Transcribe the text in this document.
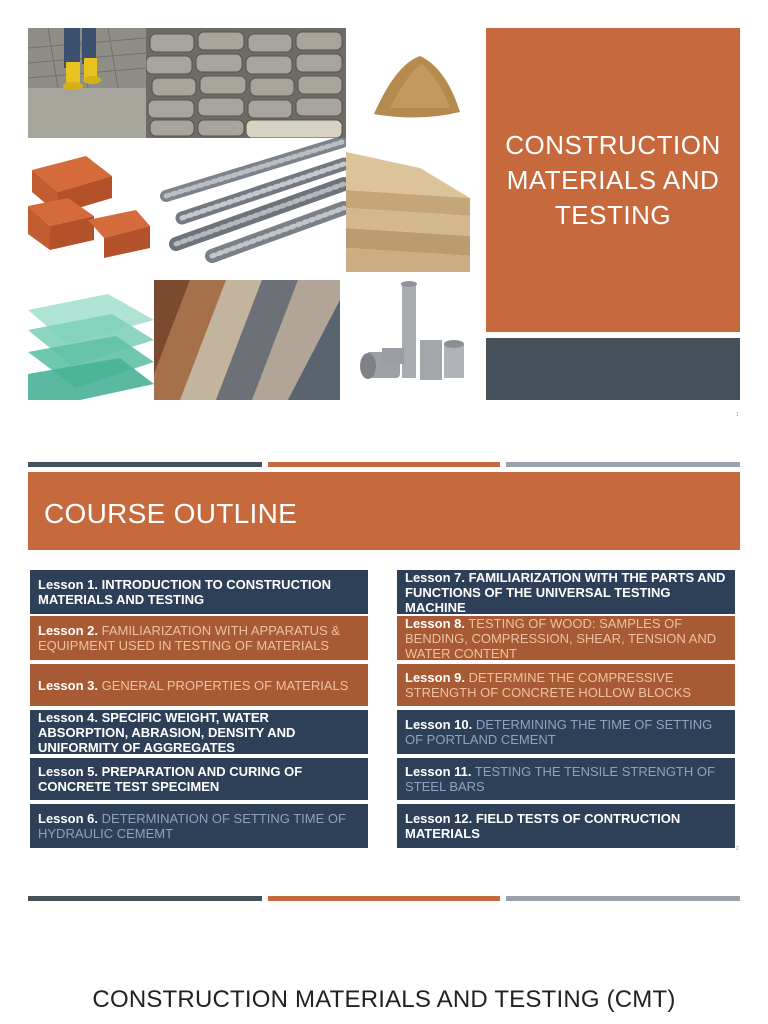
CONSTRUCTION MATERIALS AND TESTING
1
COURSE OUTLINE
Lesson 1. INTRODUCTION TO CONSTRUCTION MATERIALS AND TESTING
Lesson 2. FAMILIARIZATION WITH APPARATUS & EQUIPMENT USED IN TESTING OF MATERIALS
Lesson 3. GENERAL PROPERTIES OF MATERIALS
Lesson 4. SPECIFIC WEIGHT, WATER ABSORPTION, ABRASION, DENSITY AND UNIFORMITY OF AGGREGATES
Lesson 5. PREPARATION AND CURING OF CONCRETE TEST SPECIMEN
Lesson 6. DETERMINATION OF SETTING TIME OF HYDRAULIC CEMEMT
Lesson 7. FAMILIARIZATION WITH THE PARTS AND FUNCTIONS OF THE UNIVERSAL TESTING MACHINE
Lesson 8. TESTING OF WOOD: SAMPLES OF BENDING, COMPRESSION, SHEAR, TENSION AND WATER CONTENT
Lesson 9. DETERMINE THE COMPRESSIVE STRENGTH OF CONCRETE HOLLOW BLOCKS
Lesson 10. DETERMINING THE TIME OF SETTING OF PORTLAND CEMENT
Lesson 11. TESTING THE TENSILE STRENGTH OF STEEL BARS
Lesson 12. FIELD TESTS OF CONTRUCTION MATERIALS
2
CONSTRUCTION MATERIALS AND TESTING (CMT)
